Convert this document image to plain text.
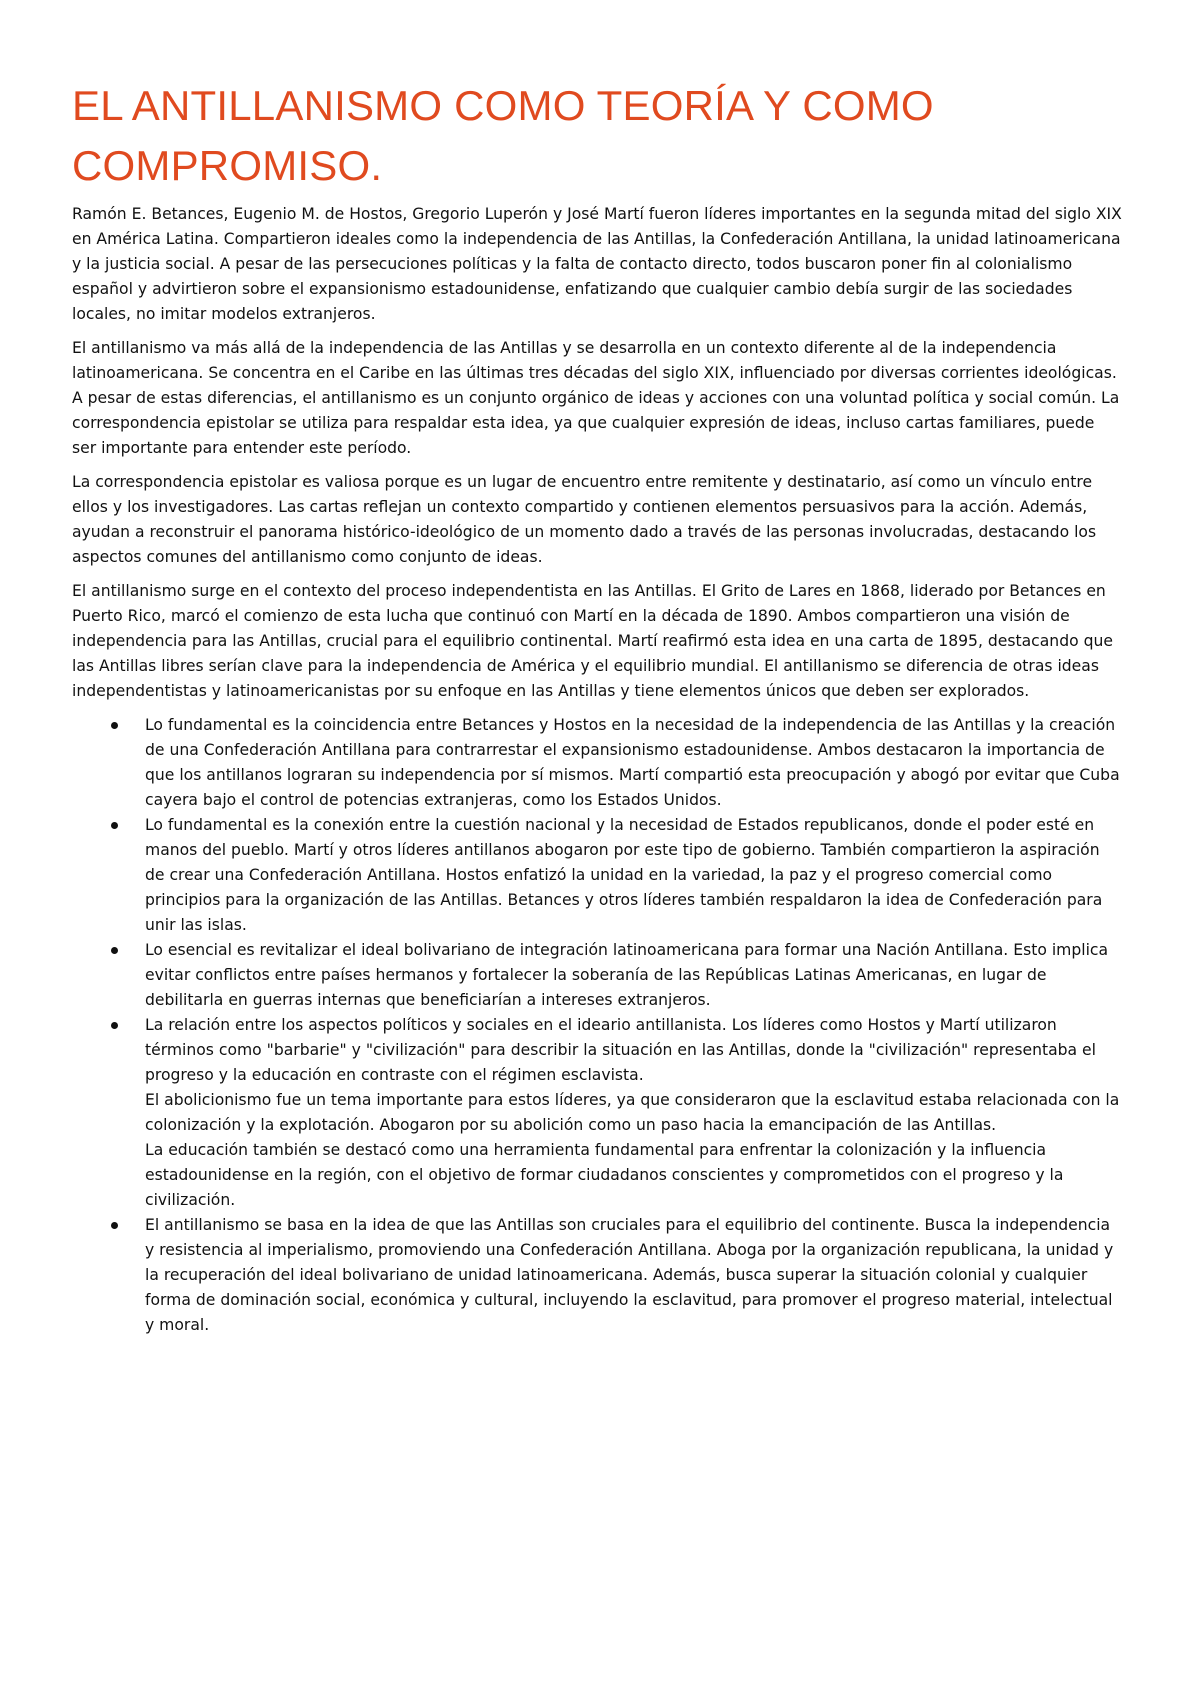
EL ANTILLANISMO COMO TEORÍA Y COMO COMPROMISO.

Ramón E. Betances, Eugenio M. de Hostos, Gregorio Luperón y José Martí fueron líderes importantes en la segunda mitad del siglo XIX en América Latina. Compartieron ideales como la independencia de las Antillas, la Confederación Antillana, la unidad latinoamericana y la justicia social. A pesar de las persecuciones políticas y la falta de contacto directo, todos buscaron poner fin al colonialismo español y advirtieron sobre el expansionismo estadounidense, enfatizando que cualquier cambio debía surgir de las sociedades locales, no imitar modelos extranjeros.

El antillanismo va más allá de la independencia de las Antillas y se desarrolla en un contexto diferente al de la independencia latinoamericana. Se concentra en el Caribe en las últimas tres décadas del siglo XIX, influenciado por diversas corrientes ideológicas. A pesar de estas diferencias, el antillanismo es un conjunto orgánico de ideas y acciones con una voluntad política y social común. La correspondencia epistolar se utiliza para respaldar esta idea, ya que cualquier expresión de ideas, incluso cartas familiares, puede ser importante para entender este período.

La correspondencia epistolar es valiosa porque es un lugar de encuentro entre remitente y destinatario, así como un vínculo entre ellos y los investigadores. Las cartas reflejan un contexto compartido y contienen elementos persuasivos para la acción. Además, ayudan a reconstruir el panorama histórico-ideológico de un momento dado a través de las personas involucradas, destacando los aspectos comunes del antillanismo como conjunto de ideas.

El antillanismo surge en el contexto del proceso independentista en las Antillas. El Grito de Lares en 1868, liderado por Betances en Puerto Rico, marcó el comienzo de esta lucha que continuó con Martí en la década de 1890. Ambos compartieron una visión de independencia para las Antillas, crucial para el equilibrio continental. Martí reafirmó esta idea en una carta de 1895, destacando que las Antillas libres serían clave para la independencia de América y el equilibrio mundial. El antillanismo se diferencia de otras ideas independentistas y latinoamericanistas por su enfoque en las Antillas y tiene elementos únicos que deben ser explorados.

Lo fundamental es la coincidencia entre Betances y Hostos en la necesidad de la independencia de las Antillas y la creación de una Confederación Antillana para contrarrestar el expansionismo estadounidense. Ambos destacaron la importancia de que los antillanos lograran su independencia por sí mismos. Martí compartió esta preocupación y abogó por evitar que Cuba cayera bajo el control de potencias extranjeras, como los Estados Unidos.
Lo fundamental es la conexión entre la cuestión nacional y la necesidad de Estados republicanos, donde el poder esté en manos del pueblo. Martí y otros líderes antillanos abogaron por este tipo de gobierno. También compartieron la aspiración de crear una Confederación Antillana. Hostos enfatizó la unidad en la variedad, la paz y el progreso comercial como principios para la organización de las Antillas. Betances y otros líderes también respaldaron la idea de Confederación para unir las islas.
Lo esencial es revitalizar el ideal bolivariano de integración latinoamericana para formar una Nación Antillana. Esto implica evitar conflictos entre países hermanos y fortalecer la soberanía de las Repúblicas Latinas Americanas, en lugar de debilitarla en guerras internas que beneficiarían a intereses extranjeros.
La relación entre los aspectos políticos y sociales en el ideario antillanista. Los líderes como Hostos y Martí utilizaron términos como "barbarie" y "civilización" para describir la situación en las Antillas, donde la "civilización" representaba el progreso y la educación en contraste con el régimen esclavista.
El abolicionismo fue un tema importante para estos líderes, ya que consideraron que la esclavitud estaba relacionada con la colonización y la explotación. Abogaron por su abolición como un paso hacia la emancipación de las Antillas.
La educación también se destacó como una herramienta fundamental para enfrentar la colonización y la influencia estadounidense en la región, con el objetivo de formar ciudadanos conscientes y comprometidos con el progreso y la civilización.
El antillanismo se basa en la idea de que las Antillas son cruciales para el equilibrio del continente. Busca la independencia y resistencia al imperialismo, promoviendo una Confederación Antillana. Aboga por la organización republicana, la unidad y la recuperación del ideal bolivariano de unidad latinoamericana. Además, busca superar la situación colonial y cualquier forma de dominación social, económica y cultural, incluyendo la esclavitud, para promover el progreso material, intelectual y moral.
